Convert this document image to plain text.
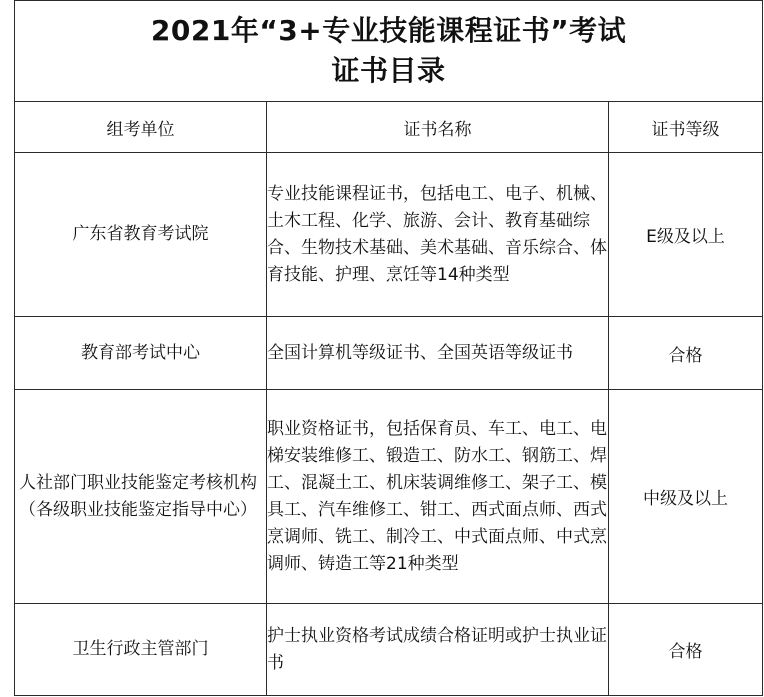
2021年“3+专业技能课程证书”考试
证书目录		

组考单位	证书名称	证书等级
广东省教育考试院	专业技能课程证书，包括电工、电子、机械、土木工程、化学、旅游、会计、教育基础综合、生物技术基础、美术基础、音乐综合、体育技能、护理、烹饪等14种类型	E级及以上
教育部考试中心	全国计算机等级证书、全国英语等级证书	合格
人社部门职业技能鉴定考核机构（各级职业技能鉴定指导中心）	职业资格证书，包括保育员、车工、电工、电梯安装维修工、锻造工、防水工、钢筋工、焊工、混凝土工、机床装调维修工、架子工、模具工、汽车维修工、钳工、西式面点师、西式烹调师、铣工、制冷工、中式面点师、中式烹调师、铸造工等21种类型	中级及以上
卫生行政主管部门	护士执业资格考试成绩合格证明或护士执业证书	合格
